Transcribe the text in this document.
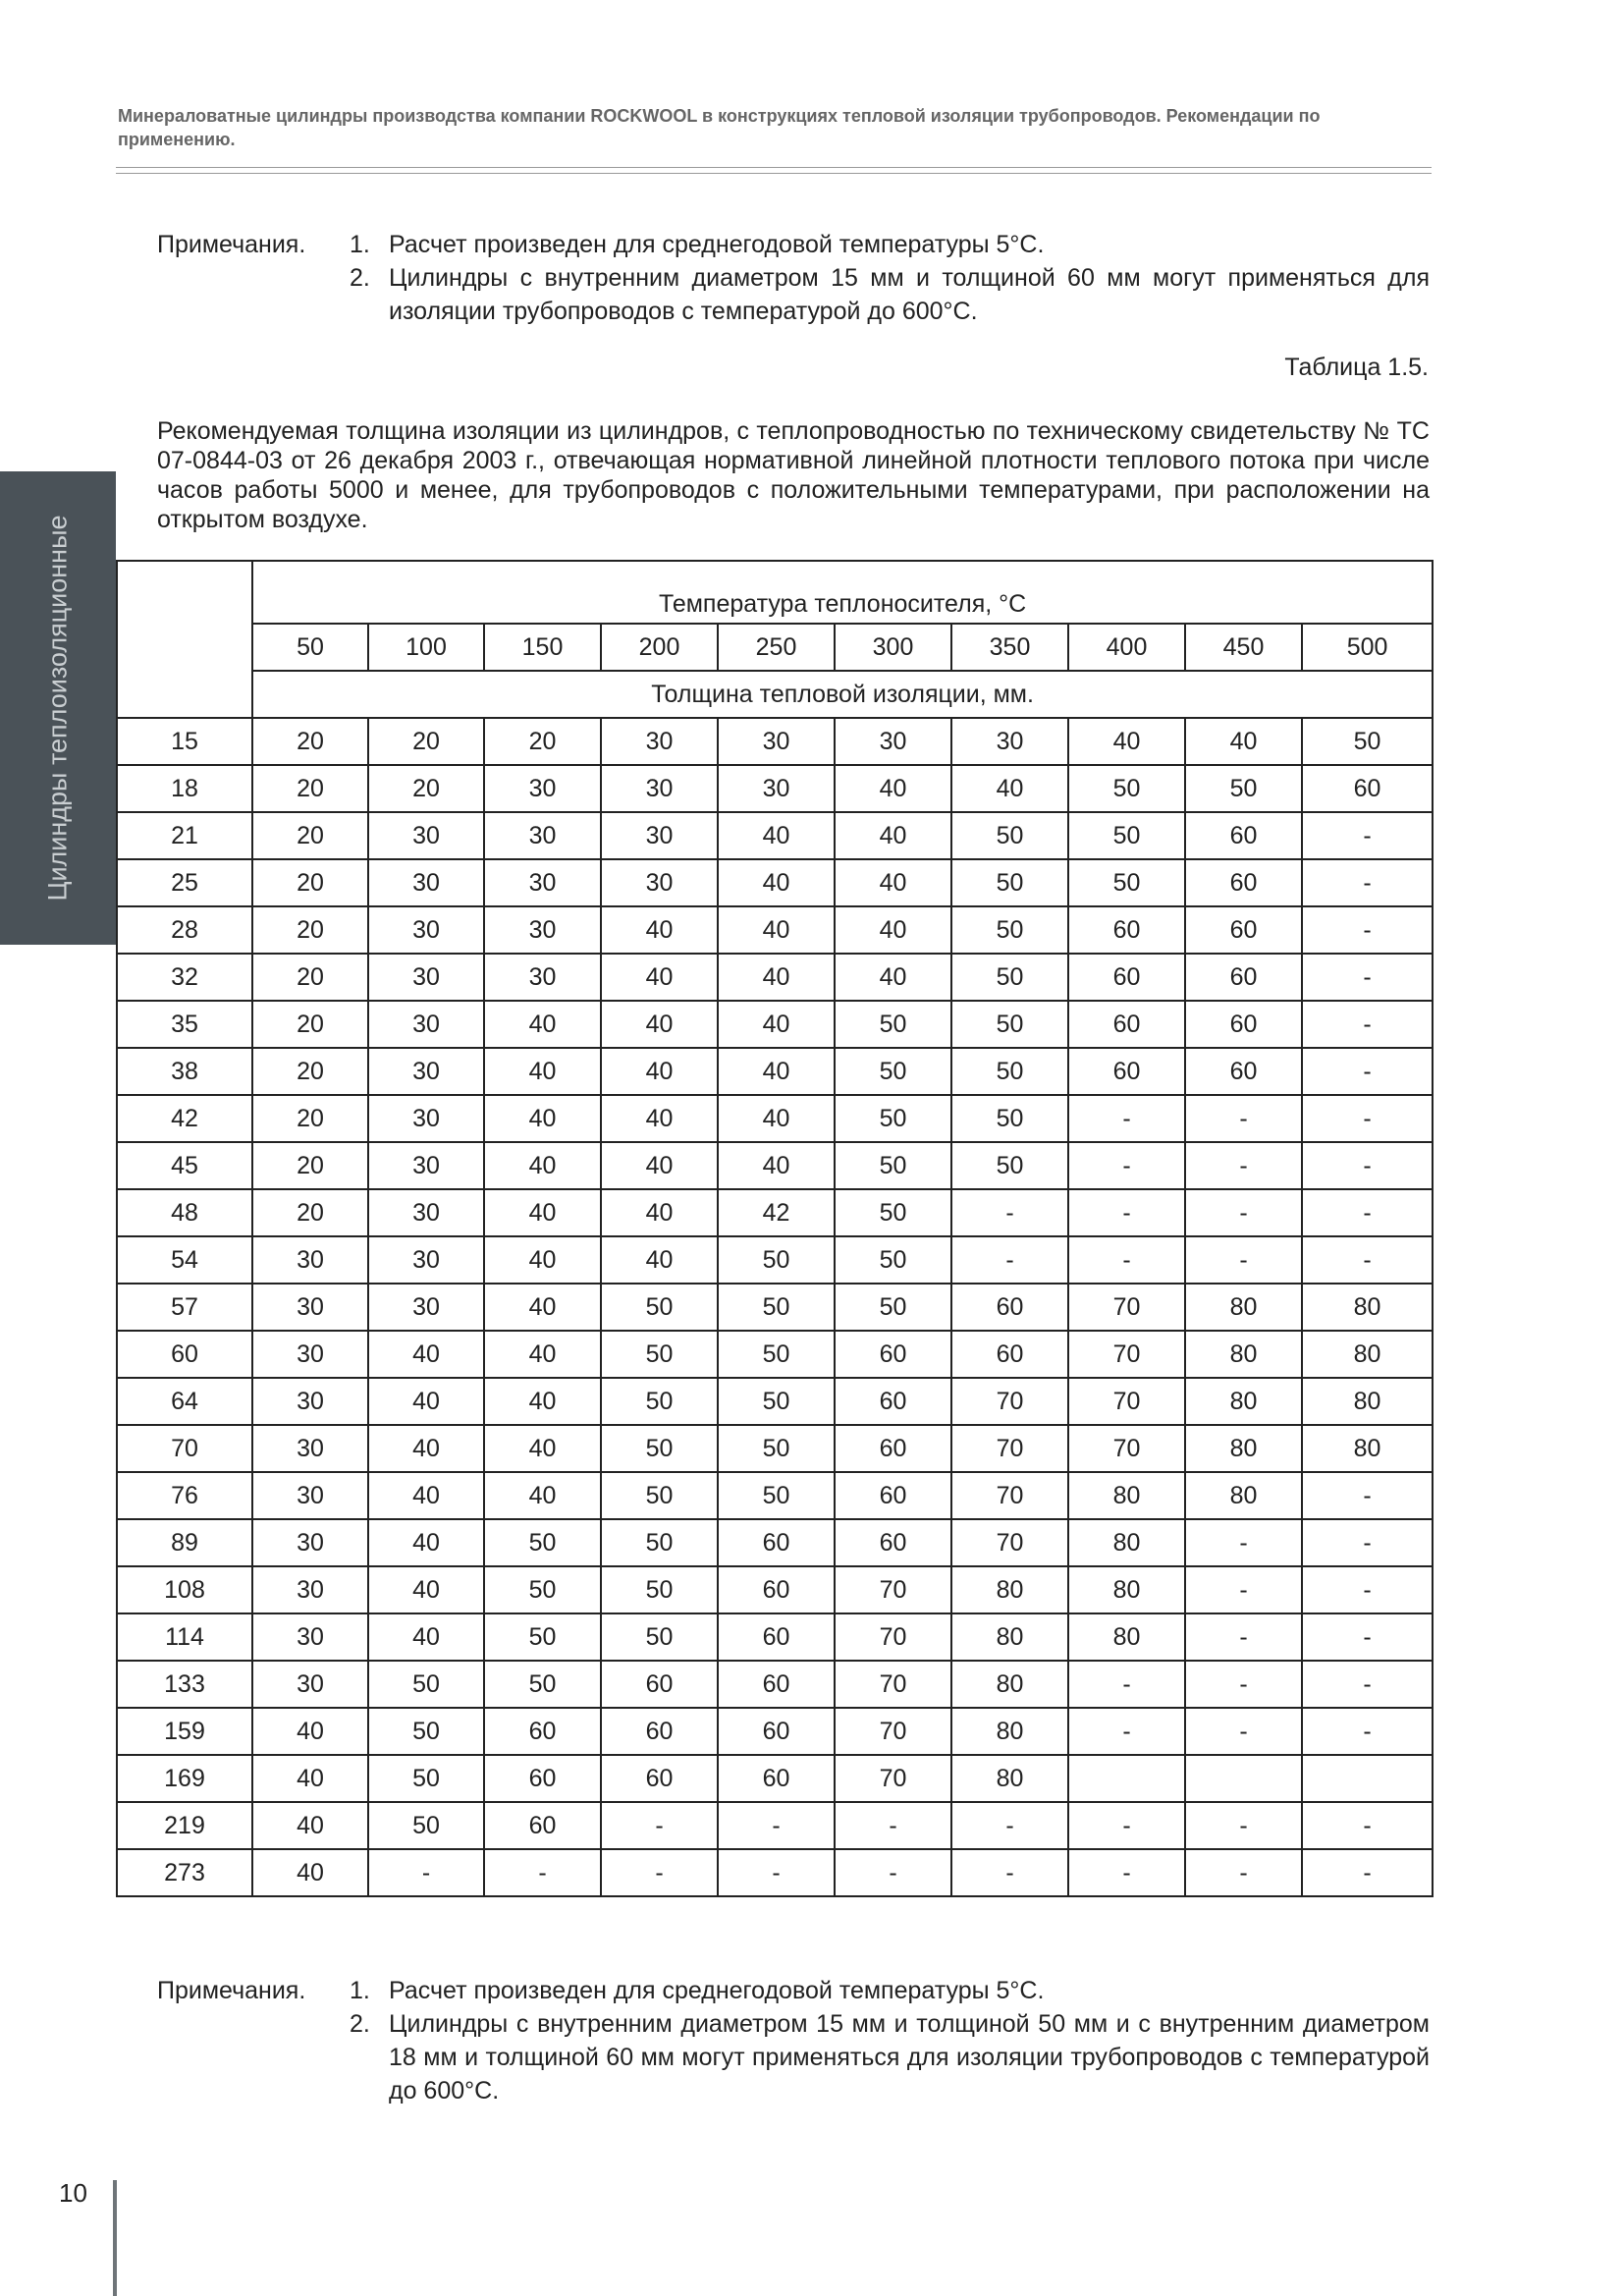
Минераловатные цилиндры производства компании ROCKWOOL в конструкциях тепловой изоляции трубопроводов. Рекомендации по применению.
Цилиндры теплоизоляционные
Примечания.	1. Расчет произведен для среднегодовой температуры 5°С.
2. Цилиндры с внутренним диаметром 15 мм и толщиной 60 мм могут применяться для изоляции трубопроводов с температурой до 600°С.
Таблица 1.5.
Рекомендуемая толщина изоляции из цилиндров, с теплопроводностью по техническому свидетельству № ТС 07-0844-03 от 26 декабря 2003 г., отвечающая нормативной линейной плотности теплового потока при числе часов работы 5000 и менее, для трубопроводов с положительными температурами, при расположении на открытом воздухе.
	Температура теплоносителя, °С									
	50	100	150	200	250	300	350	400	450	500
	Толщина тепловой изоляции, мм.									
15	20	20	20	30	30	30	30	40	40	50
18	20	20	30	30	30	40	40	50	50	60
21	20	30	30	30	40	40	50	50	60	-
25	20	30	30	30	40	40	50	50	60	-
28	20	30	30	40	40	40	50	60	60	-
32	20	30	30	40	40	40	50	60	60	-
35	20	30	40	40	40	50	50	60	60	-
38	20	30	40	40	40	50	50	60	60	-
42	20	30	40	40	40	50	50	-	-	-
45	20	30	40	40	40	50	50	-	-	-
48	20	30	40	40	42	50	-	-	-	-
54	30	30	40	40	50	50	-	-	-	-
57	30	30	40	50	50	50	60	70	80	80
60	30	40	40	50	50	60	60	70	80	80
64	30	40	40	50	50	60	70	70	80	80
70	30	40	40	50	50	60	70	70	80	80
76	30	40	40	50	50	60	70	80	80	-
89	30	40	50	50	60	60	70	80	-	-
108	30	40	50	50	60	70	80	80	-	-
114	30	40	50	50	60	70	80	80	-	-
133	30	50	50	60	60	70	80	-	-	-
159	40	50	60	60	60	70	80	-	-	-
169	40	50	60	60	60	70	80			
219	40	50	60	-	-	-	-	-	-	-
273	40	-	-	-	-	-	-	-	-	-
Примечания.	1. Расчет произведен для среднегодовой температуры 5°С.
2. Цилиндры с внутренним диаметром 15 мм и толщиной 50 мм и с внутренним диаметром 18 мм и толщиной 60 мм могут применяться для изоляции трубопроводов с температурой до 600°С.
10
